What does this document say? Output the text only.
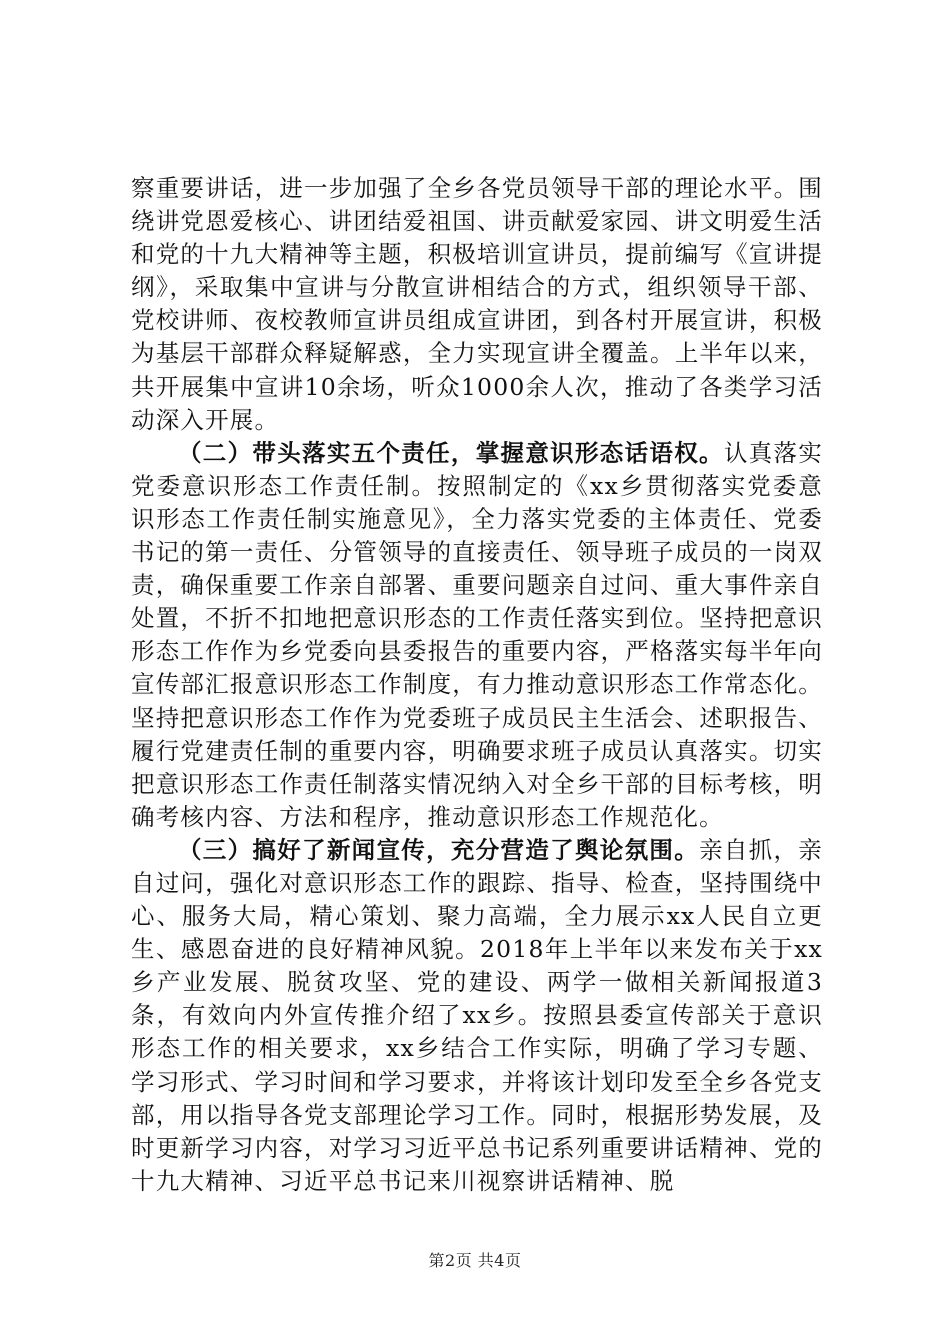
察重要讲话，进一步加强了全乡各党员领导干部的理论水平。围绕讲党恩爱核心、讲团结爱祖国、讲贡献爱家园、讲文明爱生活和党的十九大精神等主题，积极培训宣讲员，提前编写《宣讲提纲》，采取集中宣讲与分散宣讲相结合的方式，组织领导干部、党校讲师、夜校教师宣讲员组成宣讲团，到各村开展宣讲，积极为基层干部群众释疑解惑，全力实现宣讲全覆盖。上半年以来，共开展集中宣讲10余场，听众1000余人次，推动了各类学习活动深入开展。

（二）带头落实五个责任，掌握意识形态话语权。认真落实党委意识形态工作责任制。按照制定的《xx乡贯彻落实党委意识形态工作责任制实施意见》，全力落实党委的主体责任、党委书记的第一责任、分管领导的直接责任、领导班子成员的一岗双责，确保重要工作亲自部署、重要问题亲自过问、重大事件亲自处置，不折不扣地把意识形态的工作责任落实到位。坚持把意识形态工作作为乡党委向县委报告的重要内容，严格落实每半年向宣传部汇报意识形态工作制度，有力推动意识形态工作常态化。坚持把意识形态工作作为党委班子成员民主生活会、述职报告、履行党建责任制的重要内容，明确要求班子成员认真落实。切实把意识形态工作责任制落实情况纳入对全乡干部的目标考核，明确考核内容、方法和程序，推动意识形态工作规范化。

（三）搞好了新闻宣传，充分营造了舆论氛围。亲自抓，亲自过问，强化对意识形态工作的跟踪、指导、检查，坚持围绕中心、服务大局，精心策划、聚力高端，全力展示xx人民自立更生、感恩奋进的良好精神风貌。2018年上半年以来发布关于xx乡产业发展、脱贫攻坚、党的建设、两学一做相关新闻报道3条，有效向内外宣传推介绍了xx乡。按照县委宣传部关于意识形态工作的相关要求，xx乡结合工作实际，明确了学习专题、学习形式、学习时间和学习要求，并将该计划印发至全乡各党支部，用以指导各党支部理论学习工作。同时，根据形势发展，及时更新学习内容，对学习习近平总书记系列重要讲话精神、党的十九大精神、习近平总书记来川视察讲话精神、脱

第2页 共4页
